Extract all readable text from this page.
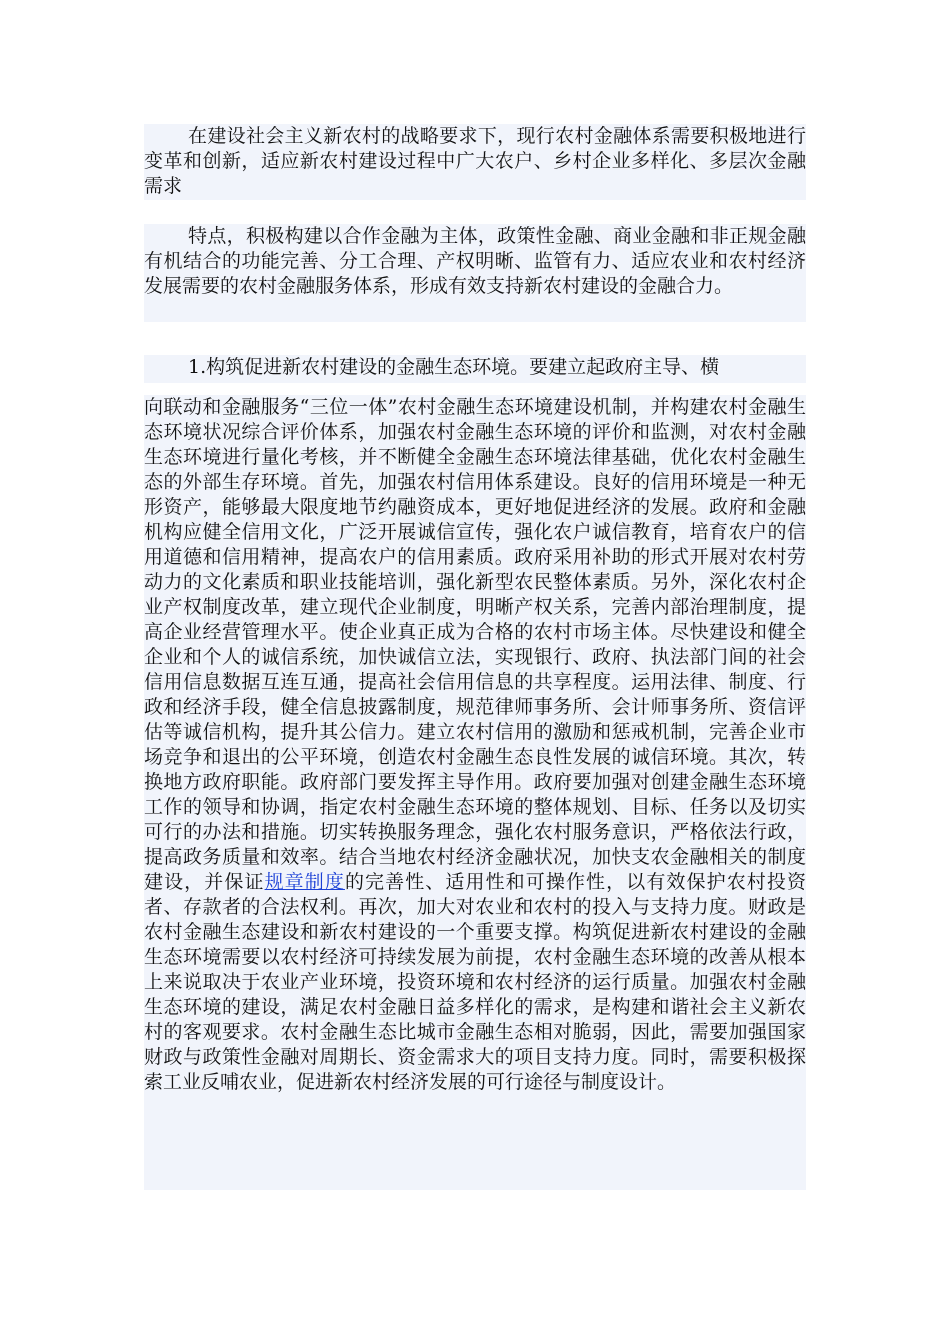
在建设社会主义新农村的战略要求下，现行农村金融体系需要积极地进行变革和创新，适应新农村建设过程中广大农户、乡村企业多样化、多层次金融需求
特点，积极构建以合作金融为主体，政策性金融、商业金融和非正规金融有机结合的功能完善、分工合理、产权明晰、监管有力、适应农业和农村经济发展需要的农村金融服务体系，形成有效支持新农村建设的金融合力。
1.构筑促进新农村建设的金融生态环境。要建立起政府主导、横
向联动和金融服务“三位一体”农村金融生态环境建设机制，并构建农村金融生态环境状况综合评价体系，加强农村金融生态环境的评价和监测，对农村金融生态环境进行量化考核，并不断健全金融生态环境法律基础，优化农村金融生态的外部生存环境。首先，加强农村信用体系建设。良好的信用环境是一种无形资产，能够最大限度地节约融资成本，更好地促进经济的发展。政府和金融机构应健全信用文化，广泛开展诚信宣传，强化农户诚信教育，培育农户的信用道德和信用精神，提高农户的信用素质。政府采用补助的形式开展对农村劳动力的文化素质和职业技能培训，强化新型农民整体素质。另外，深化农村企业产权制度改革，建立现代企业制度，明晰产权关系，完善内部治理制度，提高企业经营管理水平。使企业真正成为合格的农村市场主体。尽快建设和健全企业和个人的诚信系统，加快诚信立法，实现银行、政府、执法部门间的社会信用信息数据互连互通，提高社会信用信息的共享程度。运用法律、制度、行政和经济手段，健全信息披露制度，规范律师事务所、会计师事务所、资信评估等诚信机构，提升其公信力。建立农村信用的激励和惩戒机制，完善企业市场竞争和退出的公平环境，创造农村金融生态良性发展的诚信环境。其次，转换地方政府职能。政府部门要发挥主导作用。政府要加强对创建金融生态环境工作的领导和协调，指定农村金融生态环境的整体规划、目标、任务以及切实可行的办法和措施。切实转换服务理念，强化农村服务意识，严格依法行政，提高政务质量和效率。结合当地农村经济金融状况，加快支农金融相关的制度建设，并保证规章制度的完善性、适用性和可操作性，以有效保护农村投资者、存款者的合法权利。再次，加大对农业和农村的投入与支持力度。财政是农村金融生态建设和新农村建设的一个重要支撑。构筑促进新农村建设的金融生态环境需要以农村经济可持续发展为前提，农村金融生态环境的改善从根本上来说取决于农业产业环境，投资环境和农村经济的运行质量。加强农村金融生态环境的建设，满足农村金融日益多样化的需求，是构建和谐社会主义新农村的客观要求。农村金融生态比城市金融生态相对脆弱，因此，需要加强国家财政与政策性金融对周期长、资金需求大的项目支持力度。同时，需要积极探索工业反哺农业，促进新农村经济发展的可行途径与制度设计。
